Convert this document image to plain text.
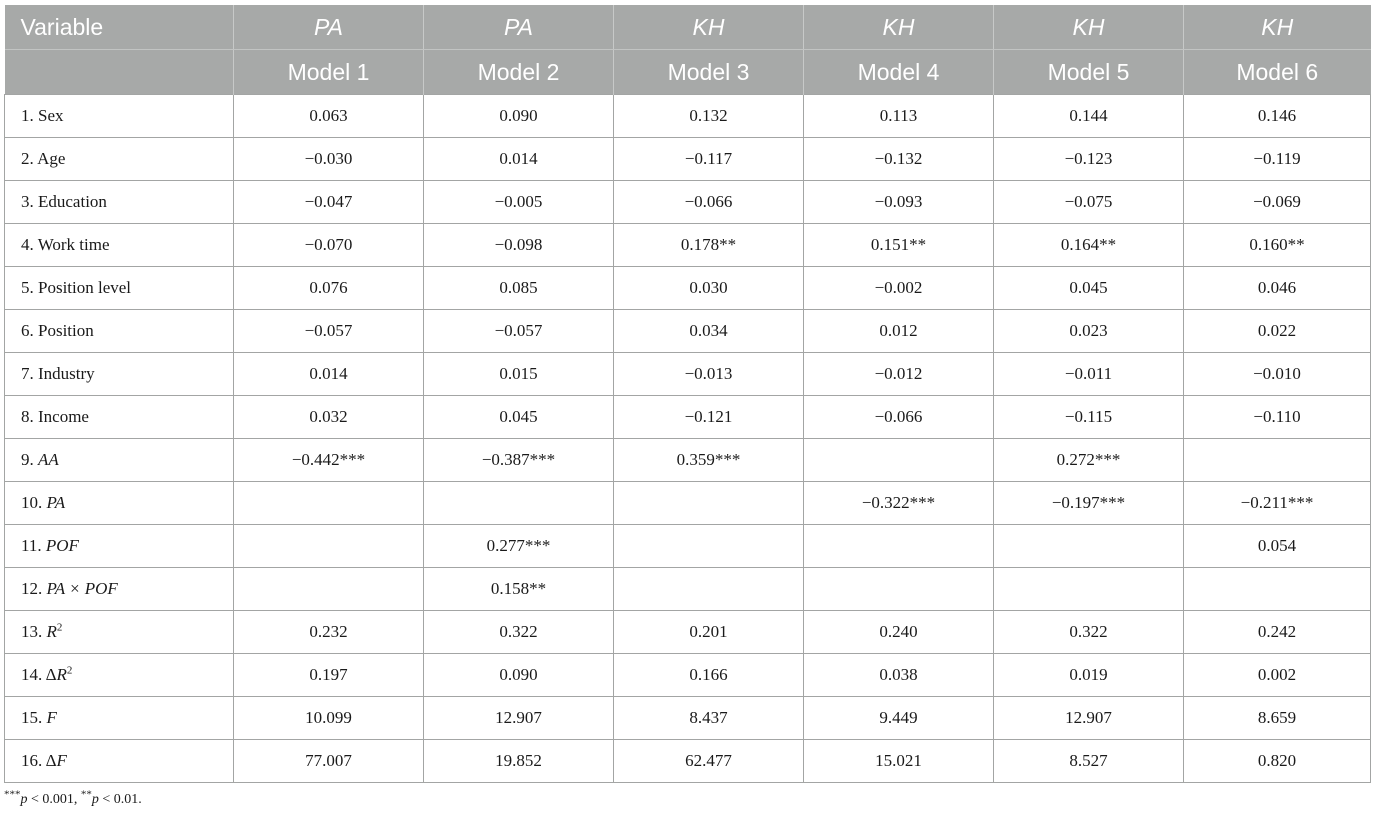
Variable	PA	PA	KH	KH	KH	KH
	Model 1	Model 2	Model 3	Model 4	Model 5	Model 6
1. Sex	0.063	0.090	0.132	0.113	0.144	0.146
2. Age	−0.030	0.014	−0.117	−0.132	−0.123	−0.119
3. Education	−0.047	−0.005	−0.066	−0.093	−0.075	−0.069
4. Work time	−0.070	−0.098	0.178**	0.151**	0.164**	0.160**
5. Position level	0.076	0.085	0.030	−0.002	0.045	0.046
6. Position	−0.057	−0.057	0.034	0.012	0.023	0.022
7. Industry	0.014	0.015	−0.013	−0.012	−0.011	−0.010
8. Income	0.032	0.045	−0.121	−0.066	−0.115	−0.110
9. AA	−0.442***	−0.387***	0.359***		0.272***	
10. PA				−0.322***	−0.197***	−0.211***
11. POF		0.277***				0.054
12. PA × POF		0.158**				
13. $R^2$	0.232	0.322	0.201	0.240	0.322	0.242
14. $\Delta R^2$	0.197	0.090	0.166	0.038	0.019	0.002
15. F	10.099	12.907	8.437	9.449	12.907	8.659
16. ΔF	77.007	19.852	62.477	15.021	8.527	0.820
***p < 0.001, **p < 0.01.
